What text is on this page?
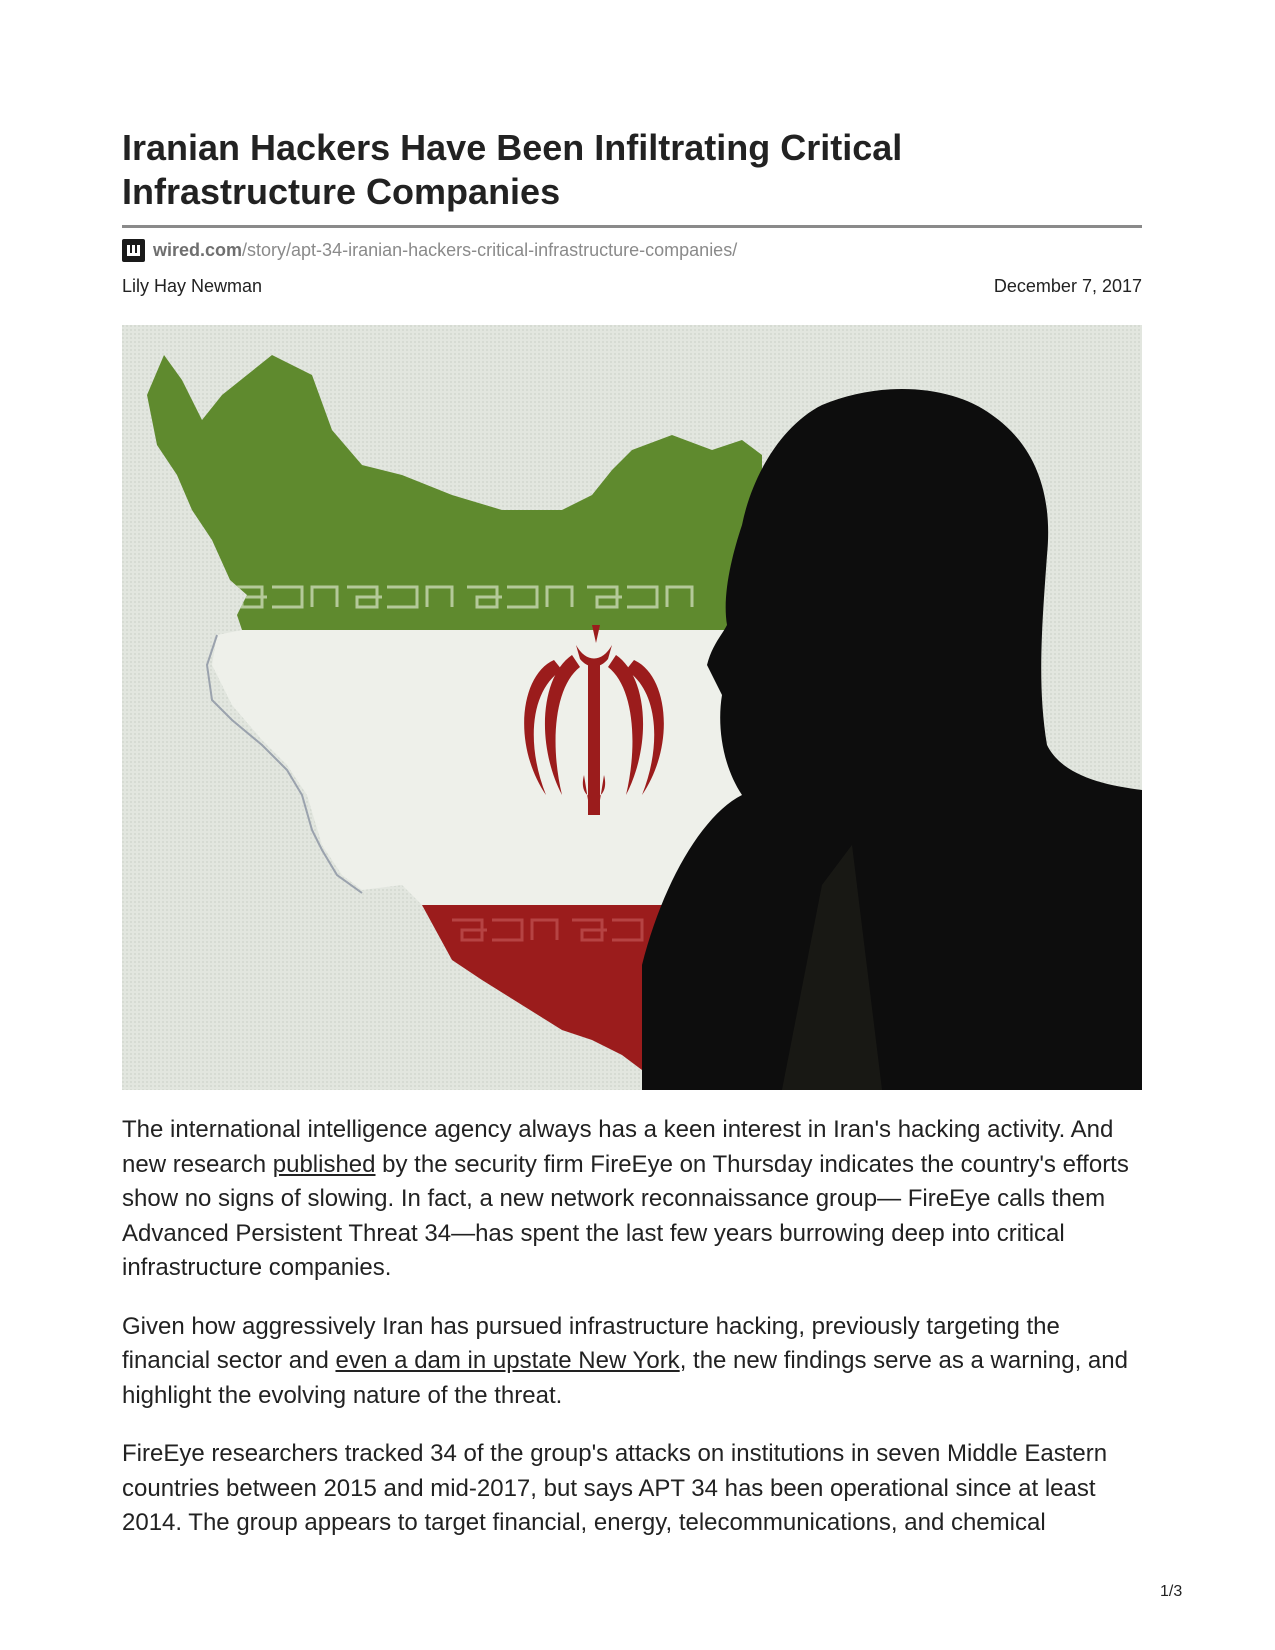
Iranian Hackers Have Been Infiltrating Critical Infrastructure Companies
wired.com /story/apt-34-iranian-hackers-critical-infrastructure-companies/
Lily Hay Newman	December 7, 2017

The international intelligence agency always has a keen interest in Iran's hacking activity. And new research published by the security firm FireEye on Thursday indicates the country's efforts show no signs of slowing. In fact, a new network reconnaissance group— FireEye calls them Advanced Persistent Threat 34—has spent the last few years burrowing deep into critical infrastructure companies.

Given how aggressively Iran has pursued infrastructure hacking, previously targeting the financial sector and even a dam in upstate New York, the new findings serve as a warning, and highlight the evolving nature of the threat.

FireEye researchers tracked 34 of the group's attacks on institutions in seven Middle Eastern countries between 2015 and mid-2017, but says APT 34 has been operational since at least 2014. The group appears to target financial, energy, telecommunications, and chemical

1/3
